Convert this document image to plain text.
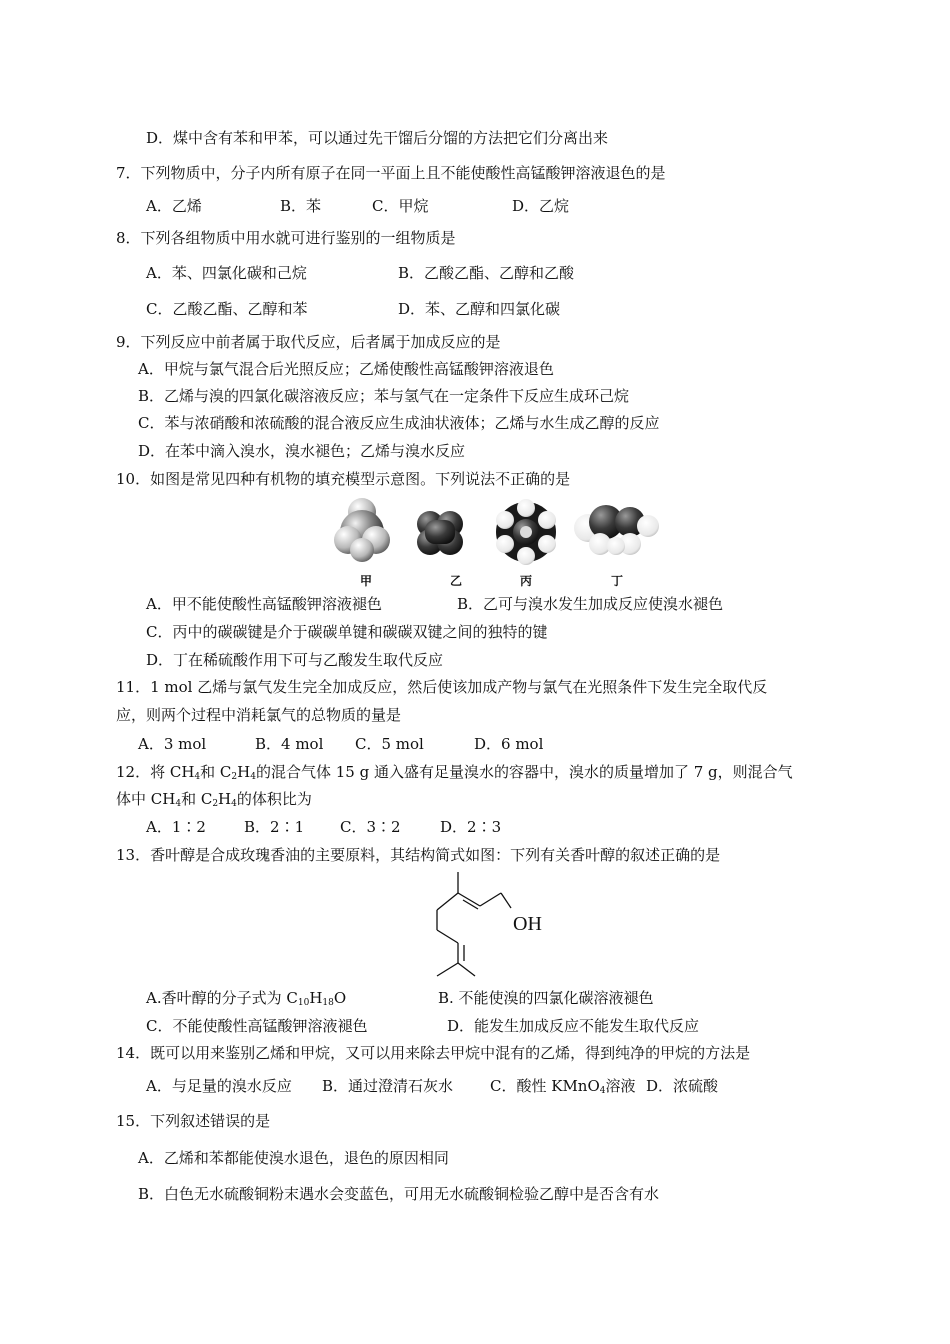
D．煤中含有苯和甲苯，可以通过先干馏后分馏的方法把它们分离出来
7．下列物质中，分子内所有原子在同一平面上且不能使酸性高锰酸钾溶液退色的是
A．乙烯	B．苯	C．甲烷	D．乙烷
8．下列各组物质中用水就可进行鉴别的一组物质是
A．苯、四氯化碳和己烷	B．乙酸乙酯、乙醇和乙酸
C．乙酸乙酯、乙醇和苯	D．苯、乙醇和四氯化碳
9．下列反应中前者属于取代反应，后者属于加成反应的是
A．甲烷与氯气混合后光照反应；乙烯使酸性高锰酸钾溶液退色
B．乙烯与溴的四氯化碳溶液反应；苯与氢气在一定条件下反应生成环己烷
C．苯与浓硝酸和浓硫酸的混合液反应生成油状液体；乙烯与水生成乙醇的反应
D．在苯中滴入溴水，溴水褪色；乙烯与溴水反应
10．如图是常见四种有机物的填充模型示意图。下列说法不正确的是
甲	乙	丙	丁
A．甲不能使酸性高锰酸钾溶液褪色	B．乙可与溴水发生加成反应使溴水褪色
C．丙中的碳碳键是介于碳碳单键和碳碳双键之间的独特的键
D．丁在稀硫酸作用下可与乙酸发生取代反应
11．1 mol 乙烯与氯气发生完全加成反应，然后使该加成产物与氯气在光照条件下发生完全取代反
应，则两个过程中消耗氯气的总物质的量是
A．3 mol	B．4 mol C．5 mol	D．6 mol
12．将 $CH_4$和 $C_2H_4$的混合气体 15 g 通入盛有足量溴水的容器中，溴水的质量增加了 7 g，则混合气
体中 $CH_4$和 $C_2H_4$的体积比为
A．1∶2	B．2∶1 C．3∶2	D．2∶3
13．香叶醇是合成玫瑰香油的主要原料，其结构简式如图：下列有关香叶醇的叙述正确的是
OH
A.香叶醇的分子式为 $C_{10}H_{18}O$	B. 不能使溴的四氯化碳溶液褪色
C．不能使酸性高锰酸钾溶液褪色	D．能发生加成反应不能发生取代反应
14．既可以用来鉴别乙烯和甲烷，又可以用来除去甲烷中混有的乙烯，得到纯净的甲烷的方法是
A．与足量的溴水反应 B．通过澄清石灰水 C．酸性 KMnO$_4$溶液 D．浓硫酸
15．下列叙述错误的是
A．乙烯和苯都能使溴水退色，退色的原因相同
B．白色无水硫酸铜粉末遇水会变蓝色，可用无水硫酸铜检验乙醇中是否含有水
